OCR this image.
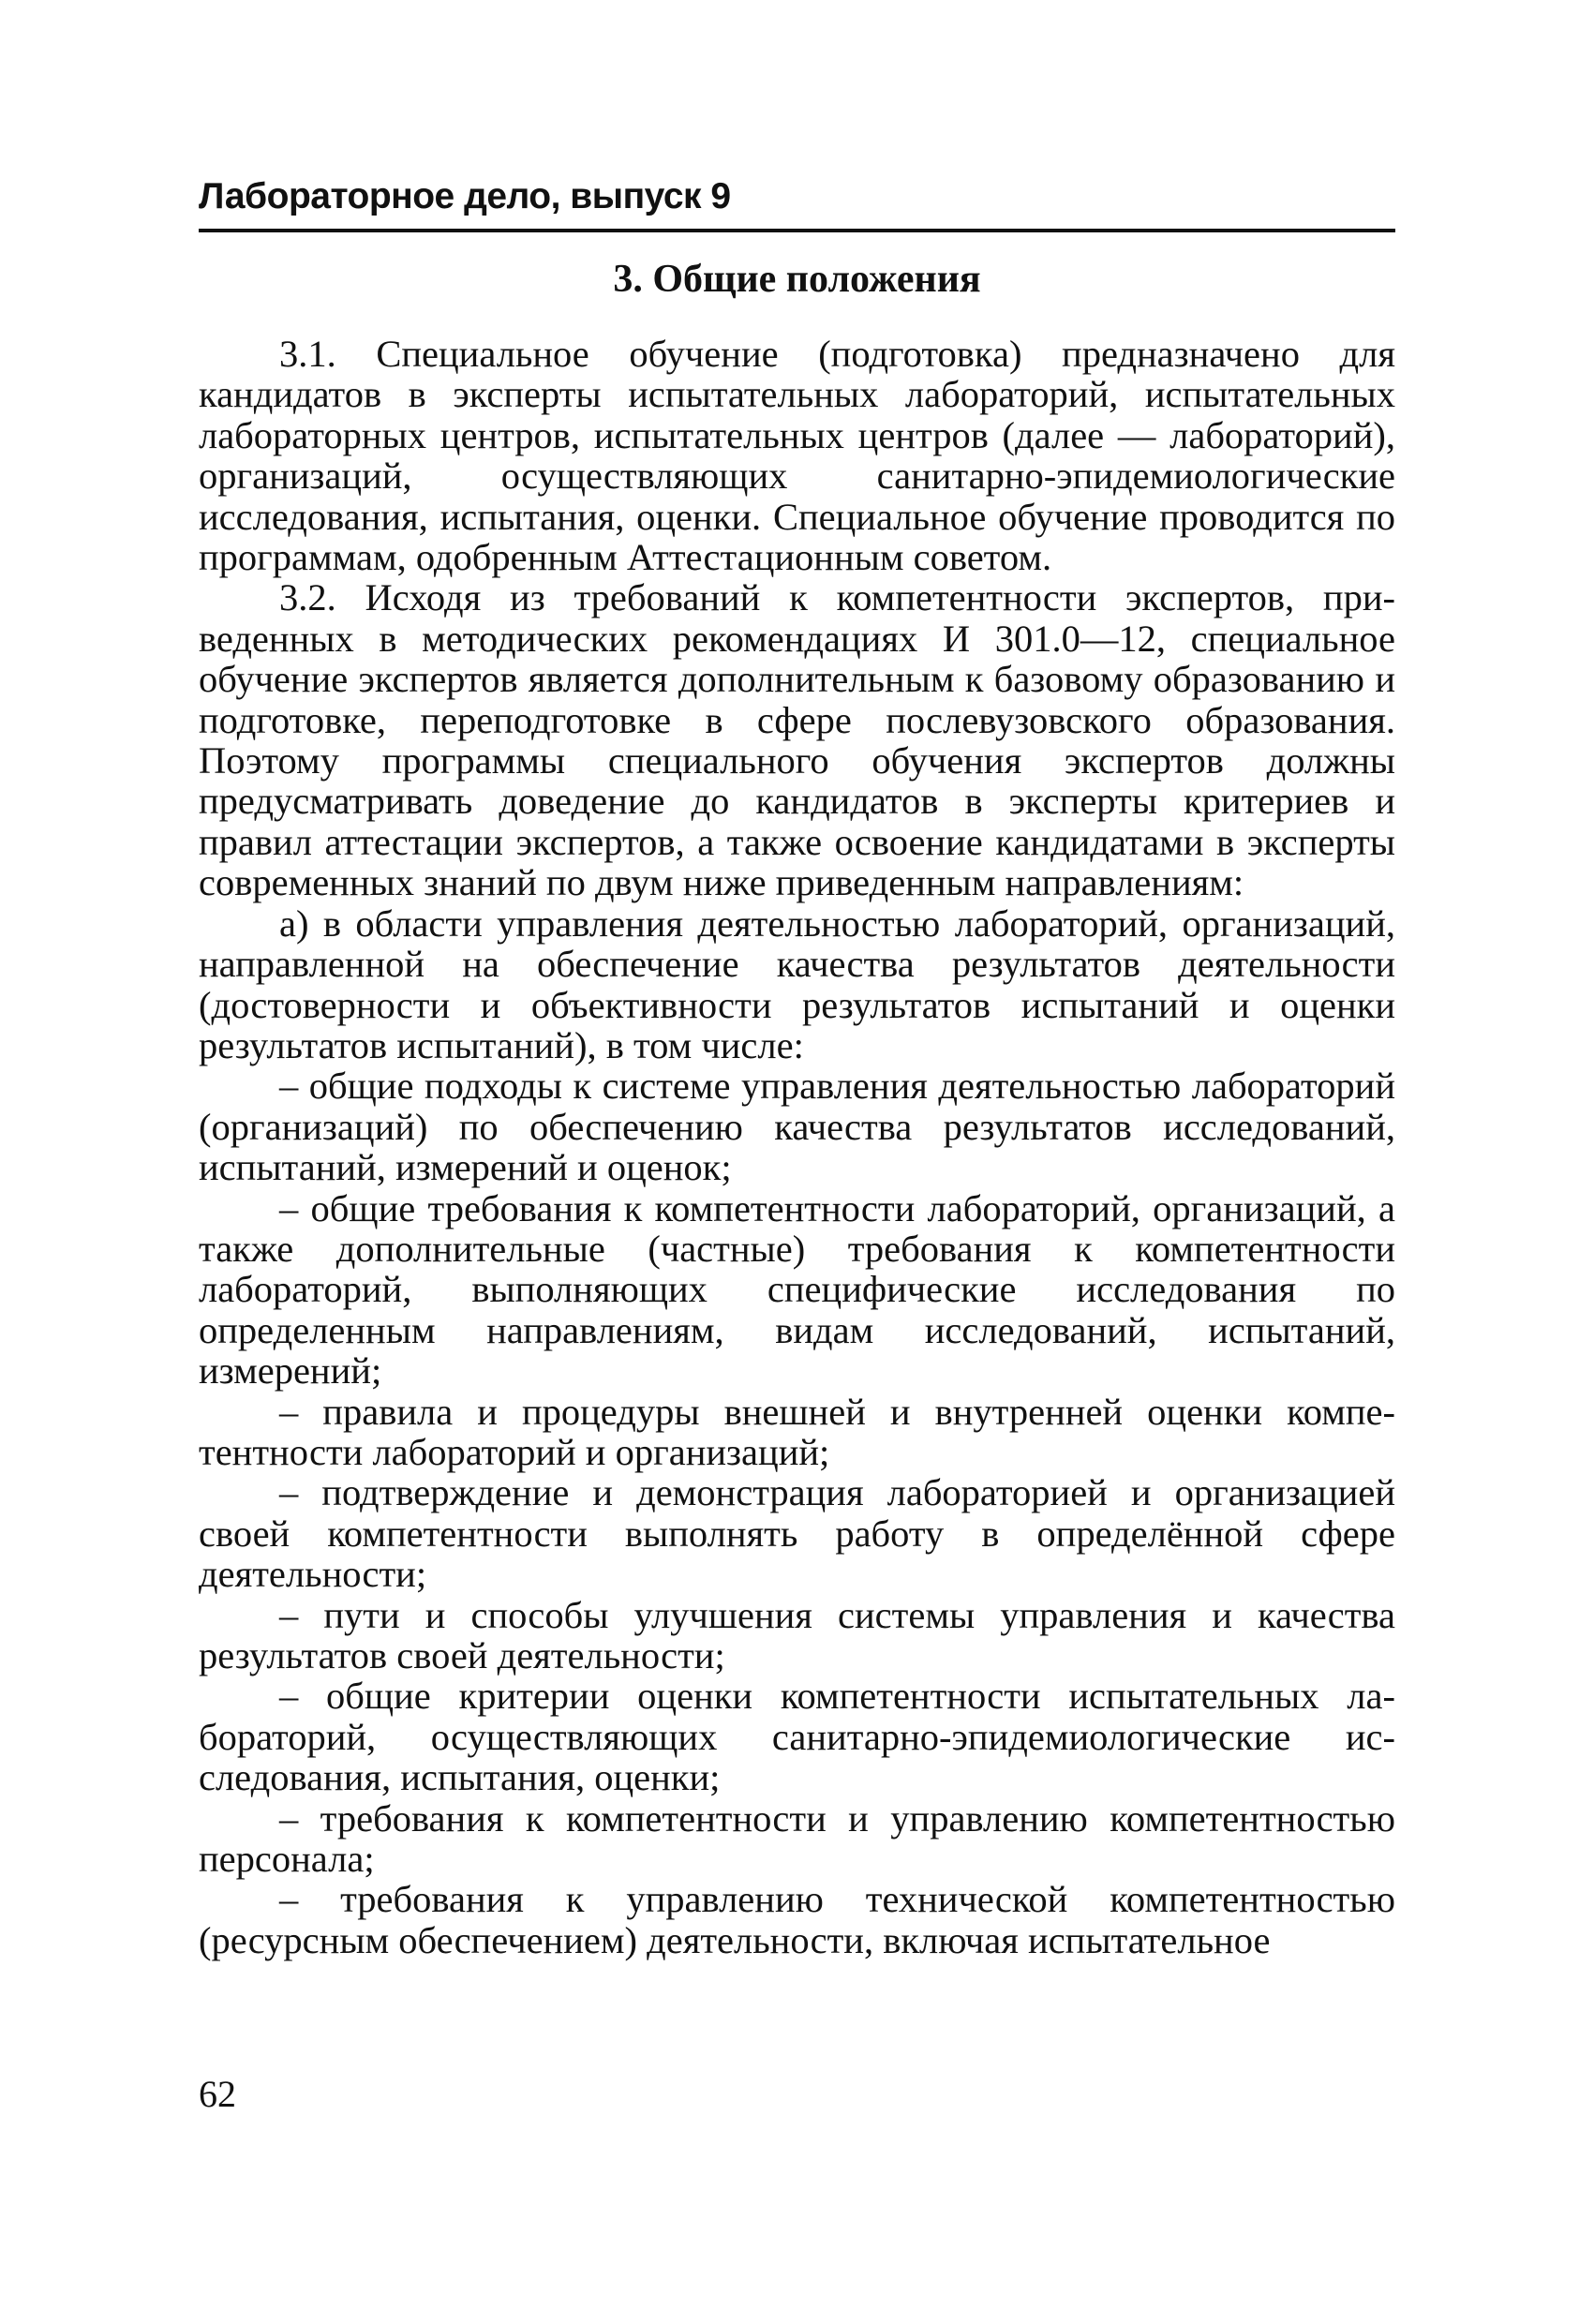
Лабораторное дело, выпуск 9
3. Общие положения

3.1. Специальное обучение (подготовка) предназначено для кандидатов в эксперты испытательных лабораторий, испытательных лабораторных центров, испытательных центров (далее — лабораторий), организаций, осуществляющих санитарно-эпидемиологические исследования, испытания, оценки. Специальное обучение проводится по программам, одобренным Аттестационным советом.

3.2. Исходя из требований к компетентности экспертов, приведенных в методических рекомендациях И 301.0—12, специальное обучение экспертов является дополнительным к базовому образованию и подготовке, переподготовке в сфере послевузовского образования. Поэтому программы специального обучения экспертов должны предусматривать доведение до кандидатов в эксперты критериев и правил аттестации экспертов, а также освоение кандидатами в эксперты современных знаний по двум ниже приведенным направлениям:

а) в области управления деятельностью лабораторий, организаций, направленной на обеспечение качества результатов деятельности (достоверности и объективности результатов испытаний и оценки результатов испытаний), в том числе:

– общие подходы к системе управления деятельностью лабораторий (организаций) по обеспечению качества результатов исследований, испытаний, измерений и оценок;

– общие требования к компетентности лабораторий, организаций, а также дополнительные (частные) требования к компетентности лабораторий, выполняющих специфические исследования по определенным направлениям, видам исследований, испытаний, измерений;

– правила и процедуры внешней и внутренней оценки компетентности лабораторий и организаций;

– подтверждение и демонстрация лабораторией и организацией своей компетентности выполнять работу в определённой сфере деятельности;

– пути и способы улучшения системы управления и качества результатов своей деятельности;

– общие критерии оценки компетентности испытательных лабораторий, осуществляющих санитарно-эпидемиологические исследования, испытания, оценки;

– требования к компетентности и управлению компетентностью персонала;

– требования к управлению технической компетентностью (ресурсным обеспечением) деятельности, включая испытательное

62
